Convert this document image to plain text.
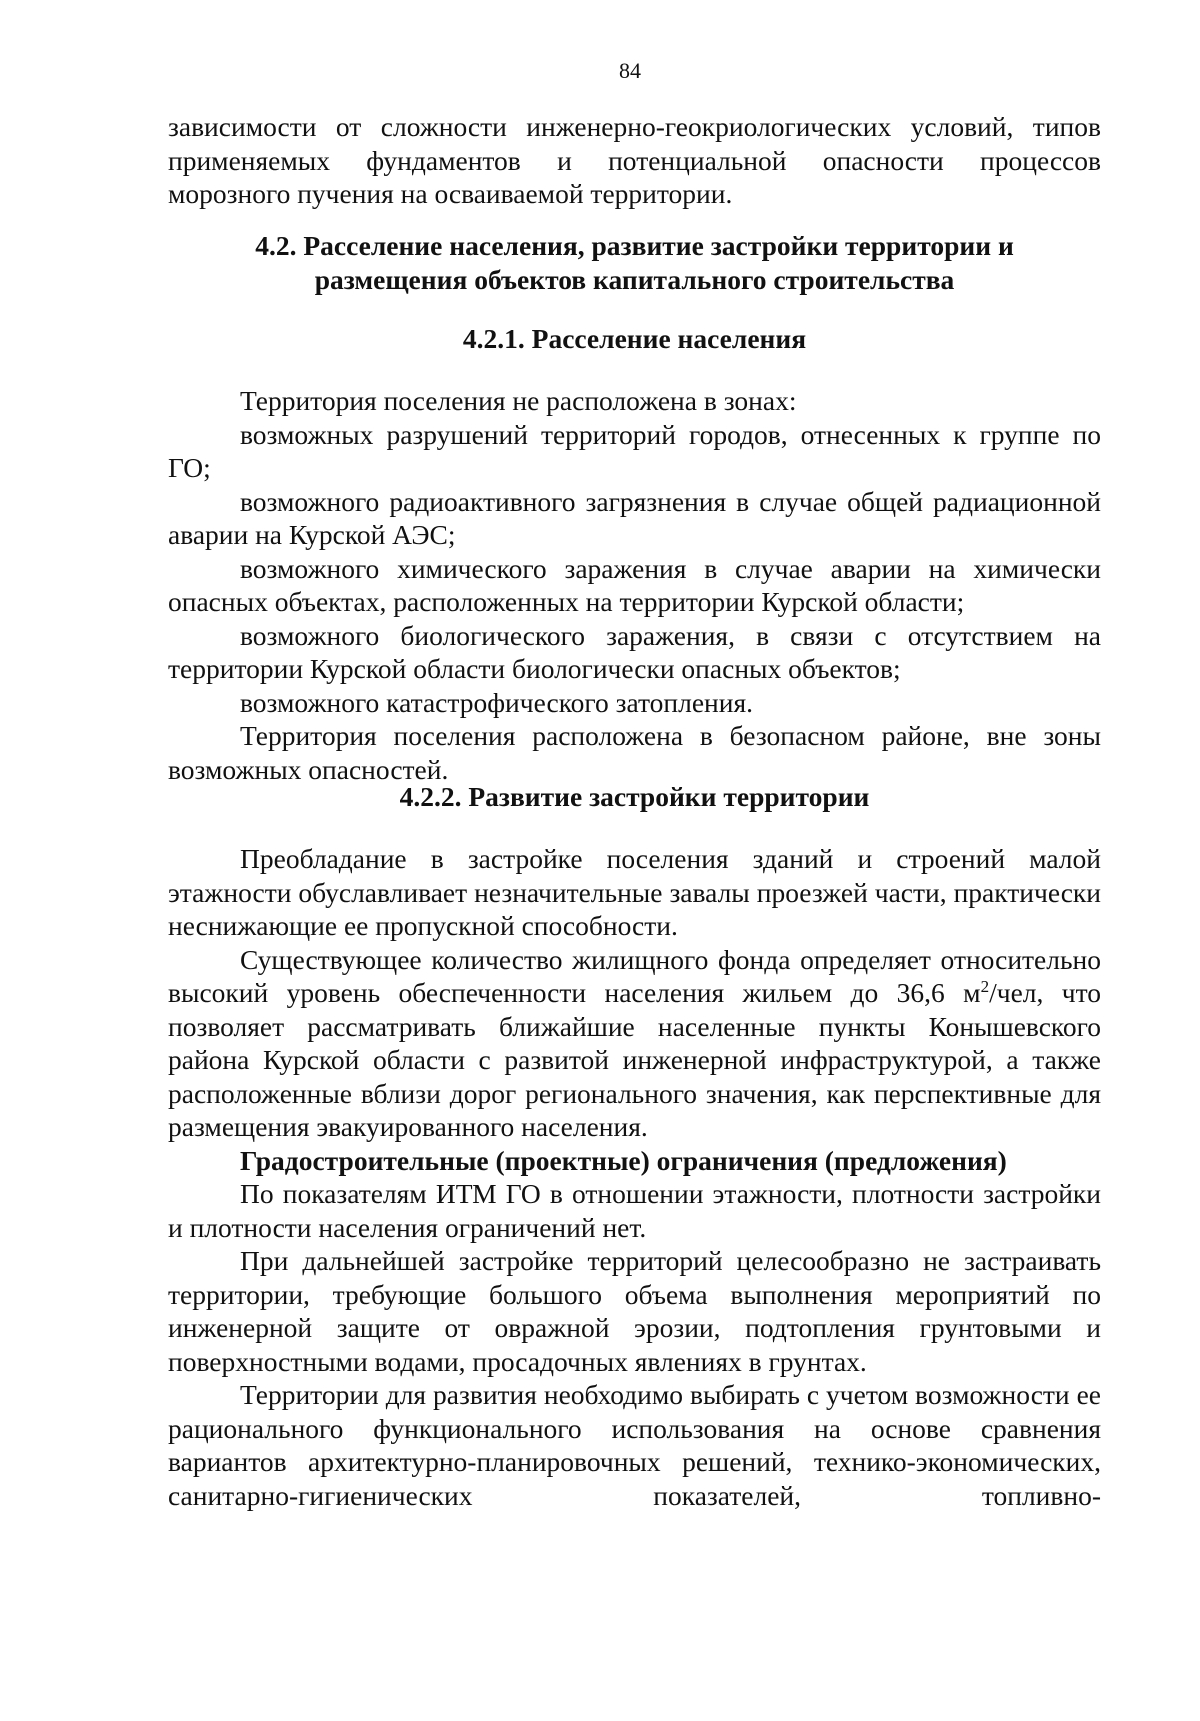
84

зависимости от сложности инженерно-геокриологических условий, типов

применяемых фундаментов и потенциальной опасности процессов

морозного пучения на осваиваемой территории.

4.2. Расселение населения, развитие застройки территории и

размещения объектов капитального строительства

4.2.1. Расселение населения

Территория поселения не расположена в зонах:

возможных разрушений территорий городов, отнесенных к группе по ГО;

возможного радиоактивного загрязнения в случае общей радиационной аварии на Курской АЭС;

возможного химического заражения в случае аварии на химически опасных объектах, расположенных на территории Курской области;

возможного биологического заражения, в связи с отсутствием на территории Курской области биологически опасных объектов;

возможного катастрофического затопления.

Территория поселения расположена в безопасном районе, вне зоны возможных опасностей.

4.2.2. Развитие застройки территории

Преобладание в застройке поселения зданий и строений малой этажности обуславливает незначительные завалы проезжей части, практически неснижающие ее пропускной способности.

Существующее количество жилищного фонда определяет относительно высокий уровень обеспеченности населения жильем до 36,6 $м^2$/чел, что позволяет рассматривать ближайшие населенные пункты Конышевского района Курской области с развитой инженерной инфраструктурой, а также расположенные вблизи дорог регионального значения, как перспективные для размещения эвакуированного населения.

Градостроительные (проектные) ограничения (предложения)

По показателям ИТМ ГО в отношении этажности, плотности застройки и плотности населения ограничений нет.

При дальнейшей застройке территорий целесообразно не застраивать территории, требующие большого объема выполнения мероприятий по инженерной защите от овражной эрозии, подтопления грунтовыми и поверхностными водами, просадочных явлениях в грунтах.

Территории для развития необходимо выбирать с учетом возможности ее рационального функционального использования на основе сравнения вариантов архитектурно-планировочных решений, технико-экономических, санитарно-гигиенических показателей, топливно-
